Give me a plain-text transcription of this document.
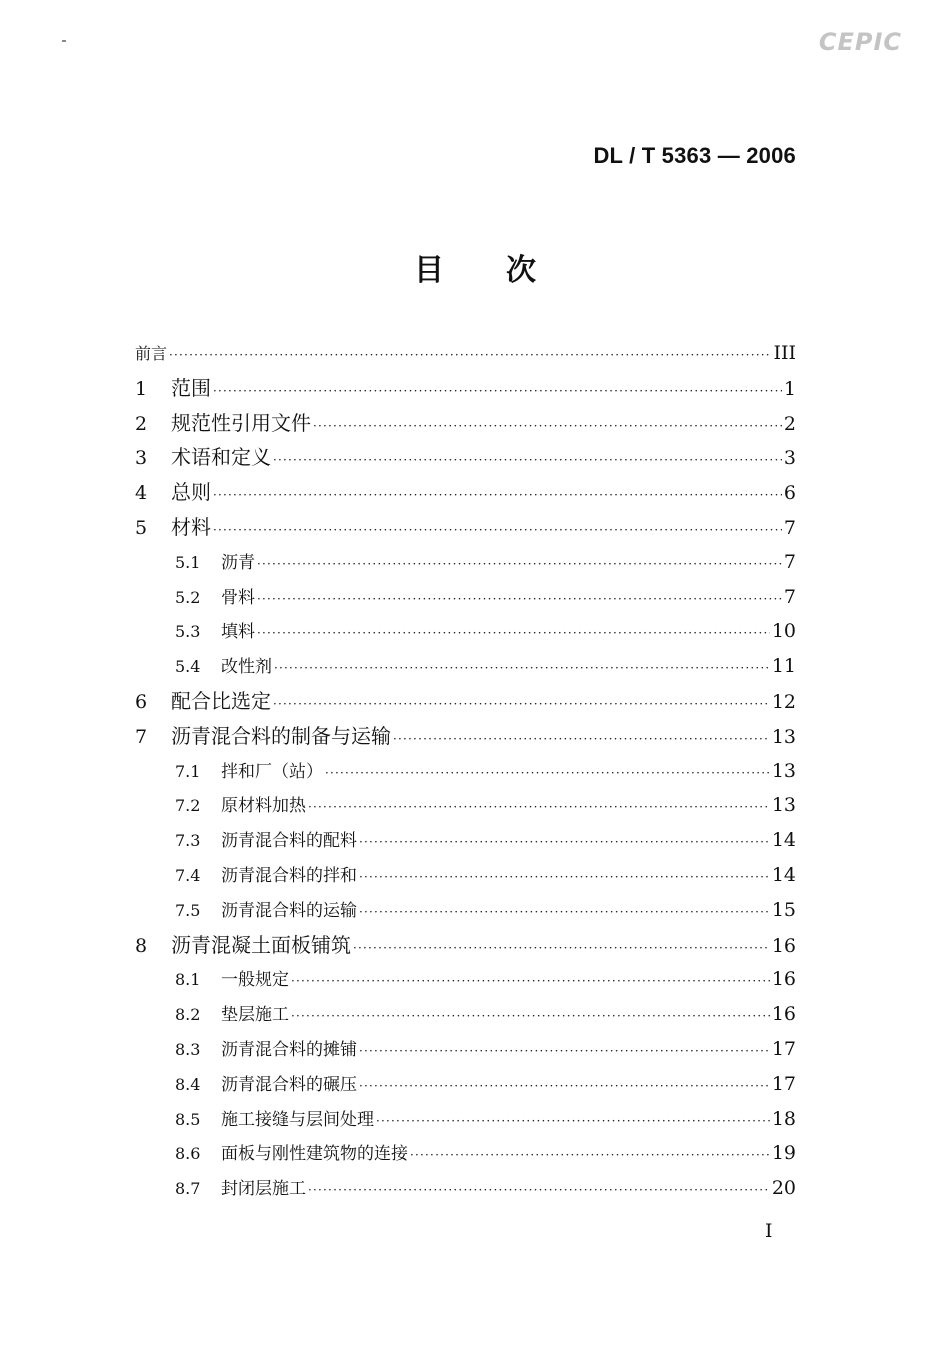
CEPIC
DL / T 5363 — 2006
目次
前言 ·····	III
1	范围 ·····	1
2	规范性引用文件 ·····	2
3	术语和定义 ·····	3
4	总则 ·····	6
5	材料 ·····	7
5.1	沥青 ·····	7
5.2	骨料 ·····	7
5.3	填料 ·····	10
5.4	改性剂 ·····	11
6	配合比选定 ·····	12
7	沥青混合料的制备与运输 ·····	13
7.1	拌和厂（站） ·····	13
7.2	原材料加热 ·····	13
7.3	沥青混合料的配料 ·····	14
7.4	沥青混合料的拌和 ·····	14
7.5	沥青混合料的运输 ·····	15
8	沥青混凝土面板铺筑 ·····	16
8.1	一般规定 ·····	16
8.2	垫层施工 ·····	16
8.3	沥青混合料的摊铺 ·····	17
8.4	沥青混合料的碾压 ·····	17
8.5	施工接缝与层间处理 ·····	18
8.6	面板与刚性建筑物的连接 ·····	19
8.7	封闭层施工 ·····	20
I
